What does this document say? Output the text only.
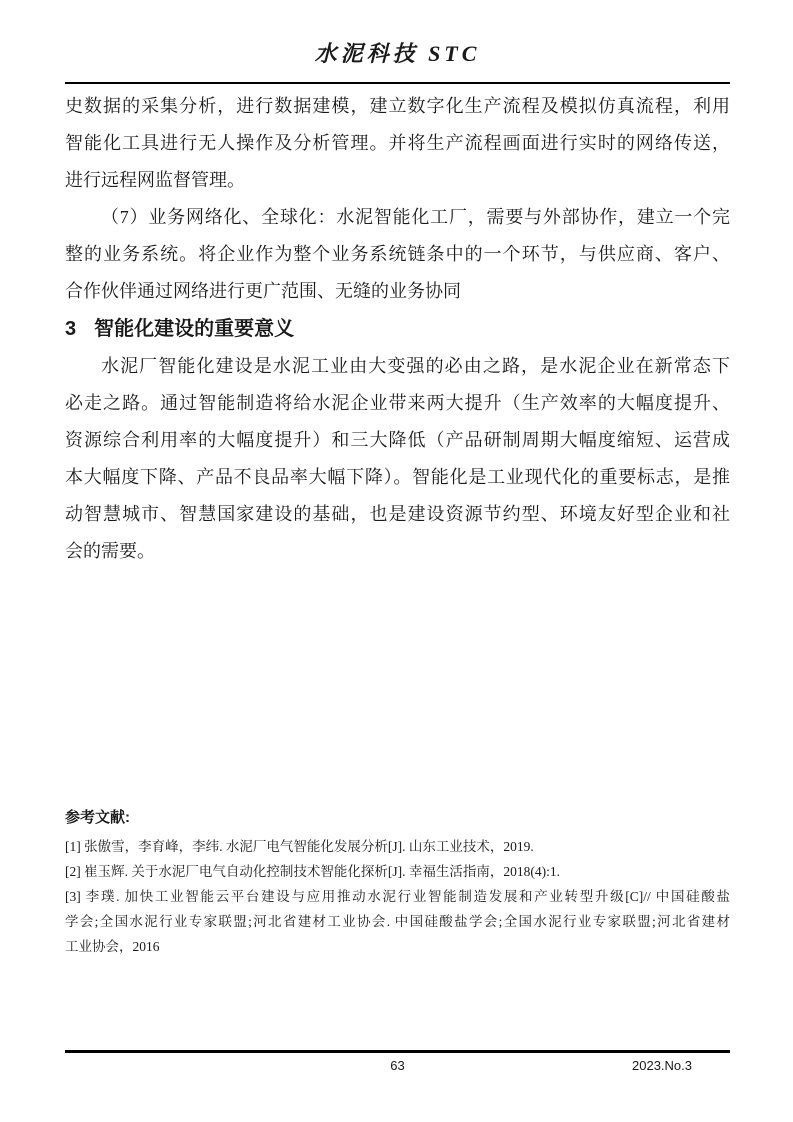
水泥科技 STC
史数据的采集分析，进行数据建模，建立数字化生产流程及模拟仿真流程，利用
智能化工具进行无人操作及分析管理。并将生产流程画面进行实时的网络传送，
进行远程网监督管理。
（7）业务网络化、全球化：水泥智能化工厂，需要与外部协作，建立一个完
整的业务系统。将企业作为整个业务系统链条中的一个环节，与供应商、客户、
合作伙伴通过网络进行更广范围、无缝的业务协同
3 智能化建设的重要意义
水泥厂智能化建设是水泥工业由大变强的必由之路，是水泥企业在新常态下
必走之路。通过智能制造将给水泥企业带来两大提升（生产效率的大幅度提升、
资源综合利用率的大幅度提升）和三大降低（产品研制周期大幅度缩短、运营成
本大幅度下降、产品不良品率大幅下降）。智能化是工业现代化的重要标志，是推
动智慧城市、智慧国家建设的基础，也是建设资源节约型、环境友好型企业和社
会的需要。
参考文献:
[1] 张傲雪，李育峰，李纬. 水泥厂电气智能化发展分析[J]. 山东工业技术，2019.
[2] 崔玉辉. 关于水泥厂电气自动化控制技术智能化探析[J]. 幸福生活指南，2018(4):1.
[3] 李璞. 加快工业智能云平台建设与应用推动水泥行业智能制造发展和产业转型升级[C]// 中国硅酸盐
学会;全国水泥行业专家联盟;河北省建材工业协会. 中国硅酸盐学会;全国水泥行业专家联盟;河北省建材
工业协会，2016
63	2023.No.3
